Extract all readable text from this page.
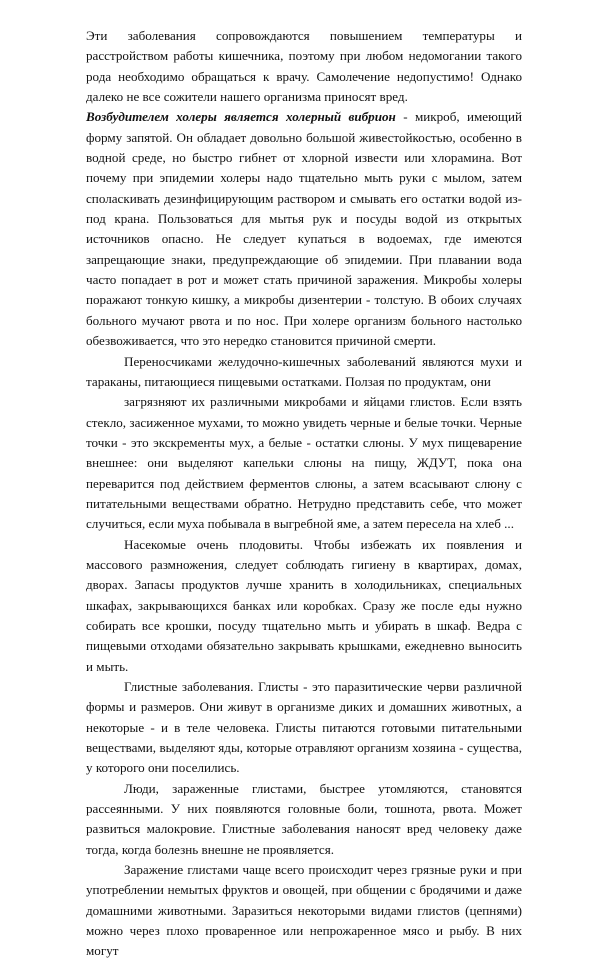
Эти заболевания сопровождаются повышением температуры и расстройством работы кишечника, поэтому при любом недомогании такого рода необходимо обращаться к врачу. Самолечение недопустимо! Однако далеко не все сожители нашего организма приносят вред.

Возбудителем холеры является холерный вибрион - микроб, имеющий форму запятой. Он обладает довольно большой живестойкостью, особенно в водной среде, но быстро гибнет от хлорной извести или хлорамина. Вот почему при эпидемии холеры надо тщательно мыть руки с мылом, затем споласкивать дезинфицирующим раствором и смывать его остатки водой из-под крана. Пользоваться для мытья рук и посуды водой из открытых источников опасно. Не следует купаться в водоемах, где имеются запрещающие знаки, предупреждающие об эпидемии. При плавании вода часто попадает в рот и может стать причиной заражения. Микробы холеры поражают тонкую кишку, а микробы дизентерии - толстую. В обоих случаях больного мучают рвота и по нос. При холере организм больного настолько обезвоживается, что это нередко становится причиной смерти.

Переносчиками желудочно-кишечных заболеваний являются мухи и тараканы, питающиеся пищевыми остатками. Ползая по продуктам, они

загрязняют их различными микробами и яйцами глистов. Если взять стекло, засиженное мухами, то можно увидеть черные и белые точки. Черные точки - это экскременты мух, а белые - остатки слюны. У мух пищеварение внешнее: они выделяют капельки слюны на пищу, ЖДУТ, пока она переварится под действием ферментов слюны, а затем всасывают слюну с питательными веществами обратно. Нетрудно представить себе, что может случиться, если муха побывала в выгребной яме, а затем пересела на хлеб ...

Насекомые очень плодовиты. Чтобы избежать их появления и массового размножения, следует соблюдать гигиену в квартирах, домах, дворах. Запасы продуктов лучше хранить в холодильниках, специальных шкафах, закрывающихся банках или коробках. Сразу же после еды нужно собирать все крошки, посуду тщательно мыть и убирать в шкаф. Ведра с пищевыми отходами обязательно закрывать крышками, ежедневно выносить и мыть.

Глистные заболевания. Глисты - это паразитические черви различной формы и размеров. Они живут в организме диких и домашних животных, а некоторые - и в теле человека. Глисты питаются готовыми питательными веществами, выделяют яды, которые отравляют организм хозяина - существа, у которого они поселились.

Люди, зараженные глистами, быстрее утомляются, становятся рассеянными. У них появляются головные боли, тошнота, рвота. Может развиться малокровие. Глистные заболевания наносят вред человеку даже тогда, когда болезнь внешне не проявляется.

Заражение глистами чаще всего происходит через грязные руки и при употреблении немытых фруктов и овощей, при общении с бродячими и даже домашними животными. Заразиться некоторыми видами глистов (цепнями) можно через плохо проваренное или непрожаренное мясо и рыбу. В них могут
